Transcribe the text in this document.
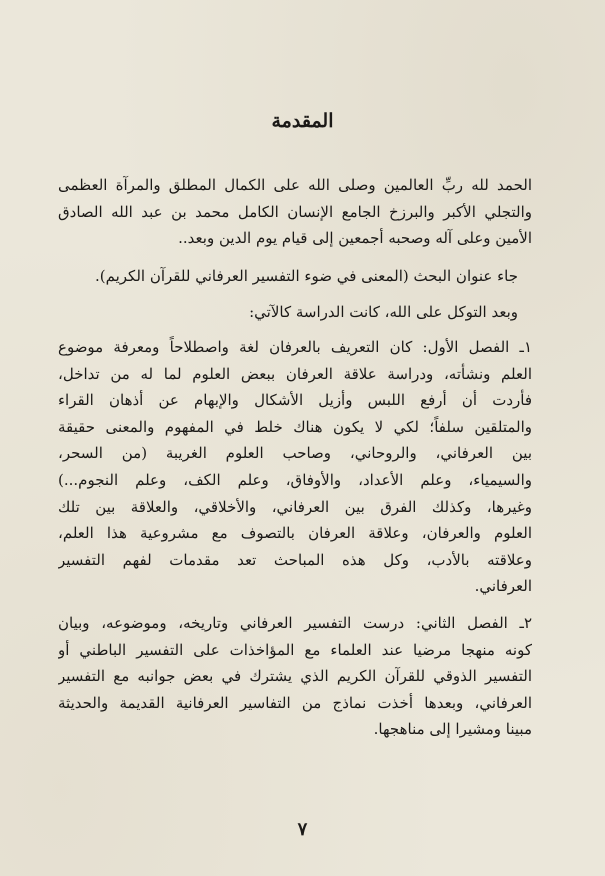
المقدمة
الحمد لله ربِّ العالمين وصلى الله على الكمال المطلق والمرآة العظمى
والتجلي الأكبر والبرزخ الجامع الإنسان الكامل محمد بن عبد الله الصادق
الأمين وعلى آله وصحبه أجمعين إلى قيام يوم الدين وبعد..
جاء عنوان البحث (المعنى في ضوء التفسير العرفاني للقرآن الكريم).
وبعد التوكل على الله، كانت الدراسة كالآتي:
١ـ الفصل الأول: كان التعريف بالعرفان لغة واصطلاحاً ومعرفة موضوع
العلم ونشأته، ودراسة علاقة العرفان ببعض العلوم لما له من تداخل،
فأردت أن أرفع اللبس وأزيل الأشكال والإبهام عن أذهان القراء
والمتلقين سلفاً؛ لكي لا يكون هناك خلط في المفهوم والمعنى حقيقة
بين العرفاني، والروحاني، وصاحب العلوم الغريبة (من السحر،
والسيمياء، وعلم الأعداد، والأوفاق، وعلم الكف، وعلم النجوم...)
وغيرها، وكذلك الفرق بين العرفاني، والأخلاقي، والعلاقة بين تلك
العلوم والعرفان، وعلاقة العرفان بالتصوف مع مشروعية هذا العلم،
وعلاقته بالأدب، وكل هذه المباحث تعد مقدمات لفهم التفسير
العرفاني.
٢ـ الفصل الثاني: درست التفسير العرفاني وتاريخه، وموضوعه، وبيان
كونه منهجا مرضيا عند العلماء مع المؤاخذات على التفسير الباطني أو
التفسير الذوقي للقرآن الكريم الذي يشترك في بعض جوانبه مع التفسير
العرفاني، وبعدها أخذت نماذج من التفاسير العرفانية القديمة والحديثة
مبينا ومشيرا إلى مناهجها.
٧
